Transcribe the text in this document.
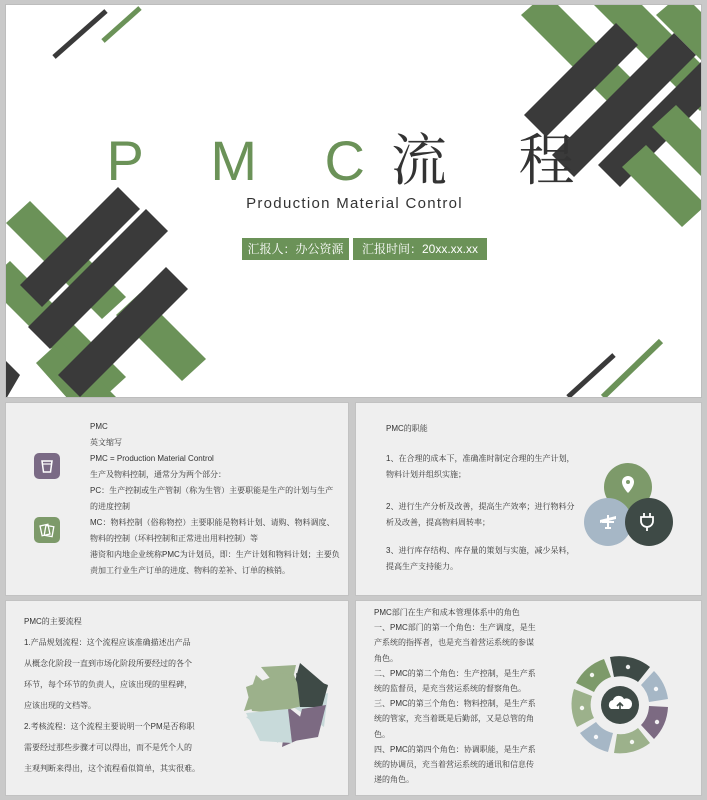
P M C流 程
Production Material Control
汇报人：办公资源	汇报时间：20xx.xx.xx
PMC
英文缩写
PMC = Production Material Control
生产及物料控制，通常分为两个部分：
PC：生产控制或生产管制（称为生管）主要职能是生产的计划与生产的进度控制
MC：物料控制（俗称物控）主要职能是物料计划、请购、物料调度、物料的控制（坏料控制和正常进出用料控制）等
港资和内地企业统称PMC为计划员，即：生产计划和物料计划；主要负责加工行业生产订单的进度、物料的差补、订单的核销。
PMC的职能
1、在合理的成本下，准确准时制定合理的生产计划，物料计划并组织实施；
2、进行生产分析及改善，提高生产效率；进行物料分析及改善，提高物料周转率；
3、进行库存结构、库存量的策划与实施，减少呆料，提高生产支持能力。
PMC的主要流程
1.产品规划流程：这个流程应该准确描述出产品
从概念化阶段一直到市场化阶段所要经过的各个
环节，每个环节的负责人，应该出现的里程碑，
应该出现的文档等。
2.考核流程：这个流程主要说明一个PM是否称职
需要经过那些步骤才可以得出，而不是凭个人的
主观判断来得出，这个流程看似简单，其实很难。
PMC部门在生产和成本管理体系中的角色
一、PMC部门的第一个角色：生产调度，是生
产系统的指挥者，也是充当着营运系统的参谋
角色。
二、PMC的第二个角色：生产控制，是生产系
统的监督员，是充当营运系统的督察角色。
三、PMC的第三个角色：物料控制，是生产系
统的管家，充当着既是后勤部，又是总管的角
色。
四、PMC的第四个角色：协调职能，是生产系
统的协调员，充当着营运系统的通讯和信息传
递的角色。
